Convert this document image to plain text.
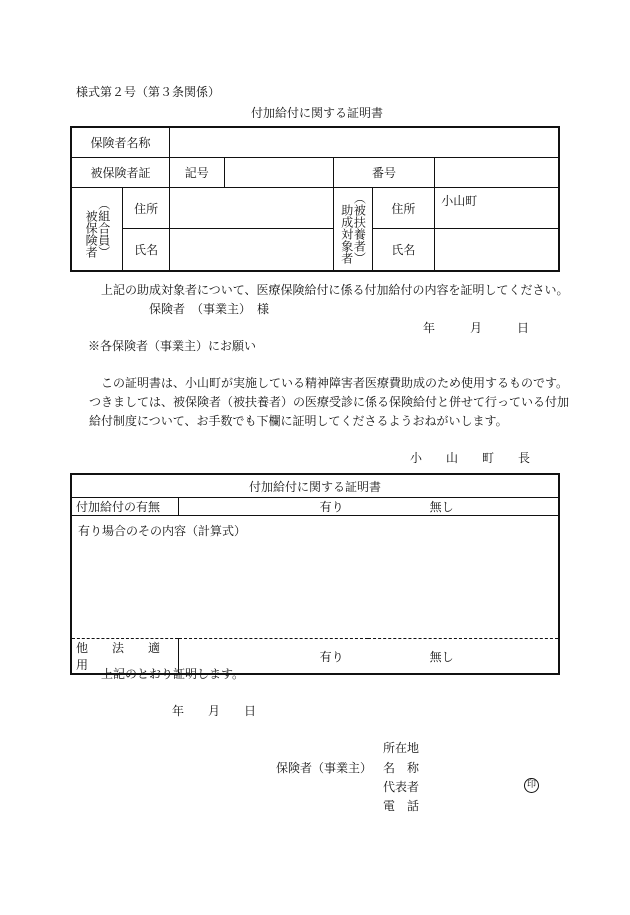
様式第２号（第３条関係）
付加給付に関する証明書
保険者名称						
被保険者証		記号		番号		
被保険者（組合員）	住所			助成対象者（被扶養者）	住所	小山町
	氏名				氏名	
上記の助成対象者について、医療保険給付に係る付加給付の内容を証明してください。
保険者　（事業主）　様
年	月	日
※各保険者（事業主）にお願い
この証明書は、小山町が実施している精神障害者医療費助成のため使用するものです。
つきましては、被保険者（被扶養者）の医療受診に係る保険給付と併せて行っている付加
給付制度について、お手数でも下欄に証明してくださるようおねがいします。
小　　山　　町　　長
付加給付に関する証明書		
付加給付の有無	有り	無し
有り場合のその内容（計算式）		
他　　法　　適　　用	有り	無し
上記のとおり証明します。
年 月 日
所在地
保険者（事業主） 名　称
代表者	印
電　話
